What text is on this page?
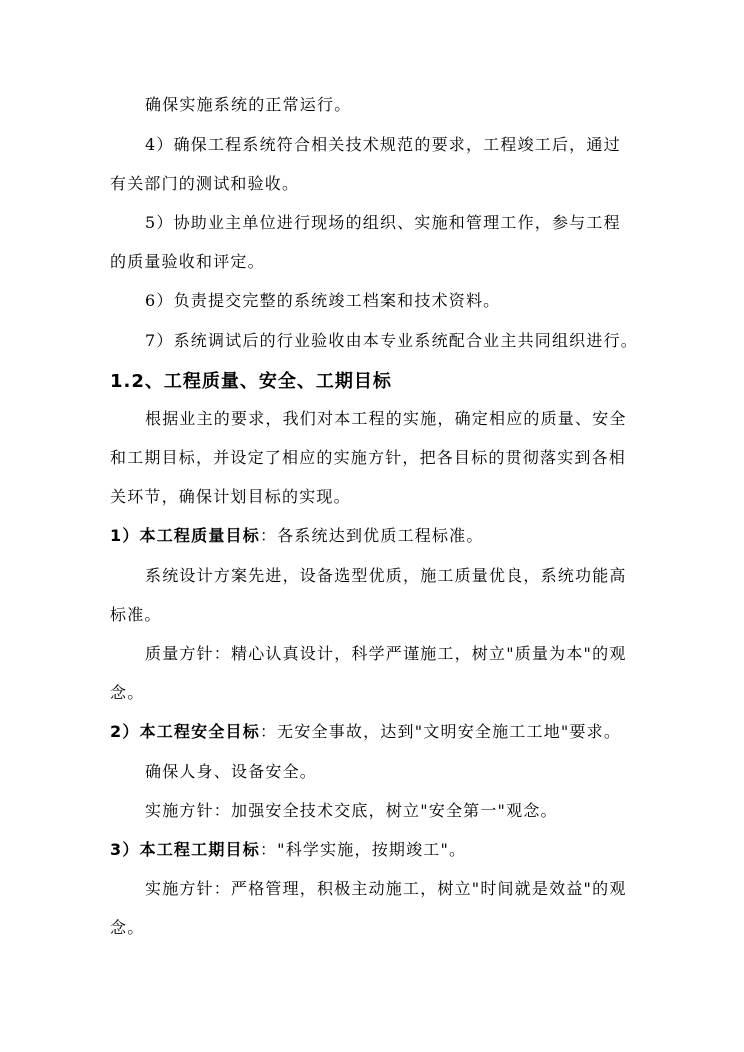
确保实施系统的正常运行。
4）确保工程系统符合相关技术规范的要求，工程竣工后，通过
有关部门的测试和验收。
5）协助业主单位进行现场的组织、实施和管理工作，参与工程
的质量验收和评定。
6）负责提交完整的系统竣工档案和技术资料。
7）系统调试后的行业验收由本专业系统配合业主共同组织进行。
1.2、工程质量、安全、工期目标
根据业主的要求，我们对本工程的实施，确定相应的质量、安全
和工期目标，并设定了相应的实施方针，把各目标的贯彻落实到各相
关环节，确保计划目标的实现。
1）本工程质量目标：各系统达到优质工程标准。
系统设计方案先进，设备选型优质，施工质量优良，系统功能高
标准。
质量方针：精心认真设计，科学严谨施工，树立"质量为本"的观
念。
2）本工程安全目标：无安全事故，达到"文明安全施工工地"要求。
确保人身、设备安全。
实施方针：加强安全技术交底，树立"安全第一"观念。
3）本工程工期目标："科学实施，按期竣工"。
实施方针：严格管理，积极主动施工，树立"时间就是效益"的观
念。
